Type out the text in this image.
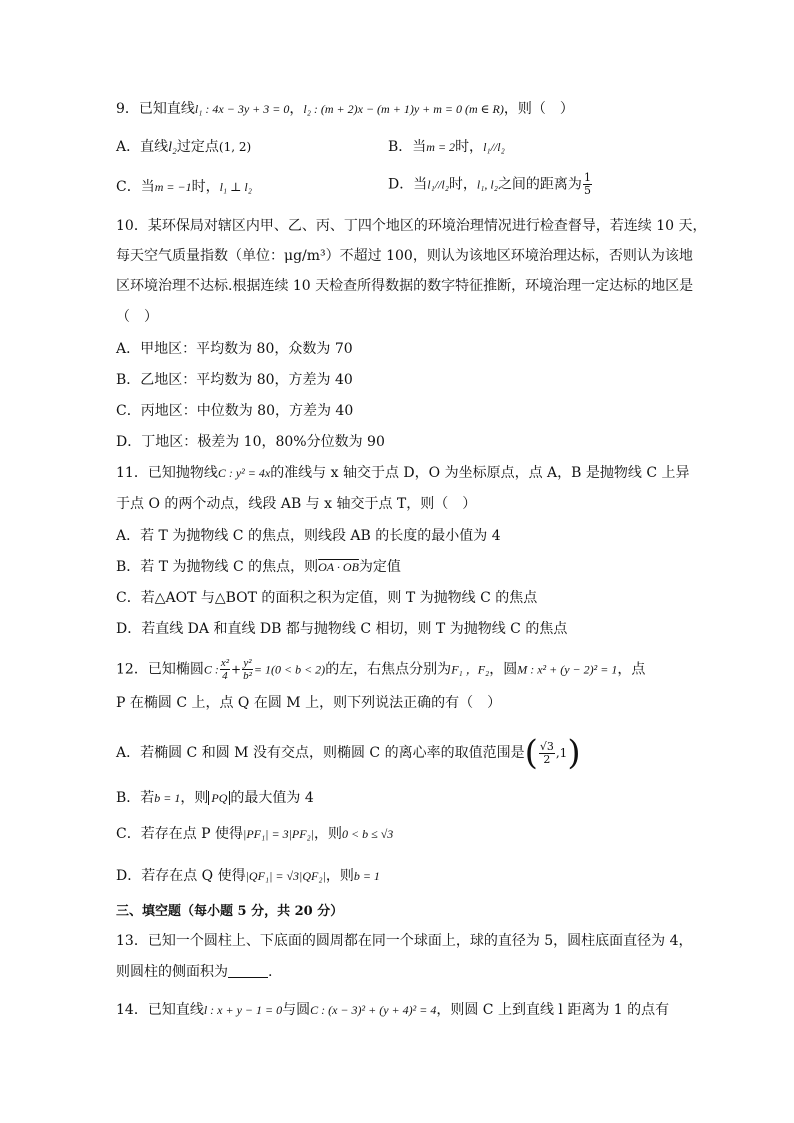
9．已知直线l₁ : 4x − 3y + 3 = 0，l₂ : (m + 2)x − (m + 1)y + m = 0 (m ∈ R)，则（　）
A．直线l₂过定点(1, 2)	B．当m = 2时，l₁//l₂
C．当m = −1时，l₁ ⊥ l₂	D．当l₁//l₂时，l₁, l₂之间的距离为 $\frac{1}{5}$
10．某环保局对辖区内甲、乙、丙、丁四个地区的环境治理情况进行检查督导，若连续 10 天，
每天空气质量指数（单位：μg/m³）不超过 100，则认为该地区环境治理达标，否则认为该地
区环境治理不达标.根据连续 10 天检查所得数据的数字特征推断，环境治理一定达标的地区是
（　）
A．甲地区：平均数为 80，众数为 70
B．乙地区：平均数为 80，方差为 40
C．丙地区：中位数为 80，方差为 40
D．丁地区：极差为 10，80%分位数为 90
11．已知抛物线C : y² = 4x的准线与 x 轴交于点 D，O 为坐标原点，点 A，B 是抛物线 C 上异
于点 O 的两个动点，线段 AB 与 x 轴交于点 T，则（　）
A．若 T 为抛物线 C 的焦点，则线段 AB 的长度的最小值为 4
B．若 T 为抛物线 C 的焦点，则OA · OB为定值
C．若△AOT 与△BOT 的面积之积为定值，则 T 为抛物线 C 的焦点
D．若直线 DA 和直线 DB 都与抛物线 C 相切，则 T 为抛物线 C 的焦点
12．已知椭圆C : $\frac{\text{x²}}{4} + \frac{\text{y²}}{\text{b²}} = 1(0 < b < 2)$的左，右焦点分别为F₁ ，F₂，圆M : x² + (y − 2)² = 1，点
P 在椭圆 C 上，点 Q 在圆 M 上，则下列说法正确的有（　）
A．若椭圆 C 和圆 M 没有交点，则椭圆 C 的离心率的取值范围是( $\frac{√3}{2} ,1$)
B．若b = 1，则 PQ 的最大值为 4
C．若存在点 P 使得|PF₁| = 3|PF₂|，则0 < b ≤ √3
D．若存在点 Q 使得|QF₁| = √3|QF₂|，则b = 1
三、填空题（每小题 5 分，共 20 分）
13．已知一个圆柱上、下底面的圆周都在同一个球面上，球的直径为 5，圆柱底面直径为 4，
则圆柱的侧面积为	.
14．已知直线l : x + y − 1 = 0与圆C : (x − 3)² + (y + 4)² = 4，则圆 C 上到直线 l 距离为 1 的点有
